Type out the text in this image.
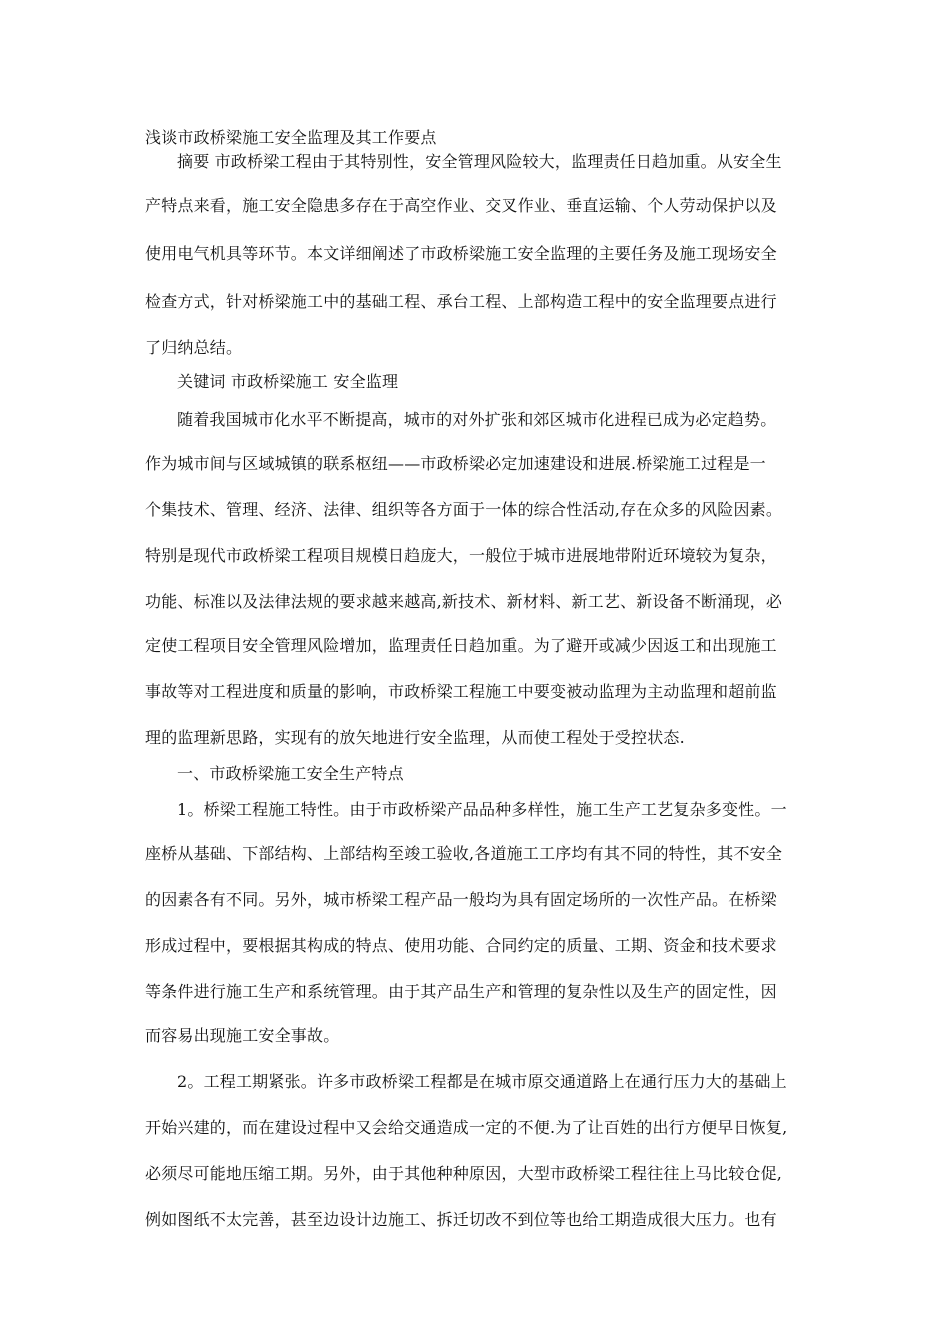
浅谈市政桥梁施工安全监理及其工作要点
摘要 市政桥梁工程由于其特别性，安全管理风险较大，监理责任日趋加重。从安全生
产特点来看，施工安全隐患多存在于高空作业、交叉作业、垂直运输、个人劳动保护以及
使用电气机具等环节。本文详细阐述了市政桥梁施工安全监理的主要任务及施工现场安全
检查方式，针对桥梁施工中的基础工程、承台工程、上部构造工程中的安全监理要点进行
了归纳总结。
关键词 市政桥梁施工 安全监理
随着我国城市化水平不断提高，城市的对外扩张和郊区城市化进程已成为必定趋势。
作为城市间与区域城镇的联系枢纽——市政桥梁必定加速建设和进展.桥梁施工过程是一
个集技术、管理、经济、法律、组织等各方面于一体的综合性活动,存在众多的风险因素。
特别是现代市政桥梁工程项目规模日趋庞大，一般位于城市进展地带附近环境较为复杂，
功能、标准以及法律法规的要求越来越高,新技术、新材料、新工艺、新设备不断涌现，必
定使工程项目安全管理风险增加，监理责任日趋加重。为了避开或减少因返工和出现施工
事故等对工程进度和质量的影响，市政桥梁工程施工中要变被动监理为主动监理和超前监
理的监理新思路，实现有的放矢地进行安全监理，从而使工程处于受控状态.
一、市政桥梁施工安全生产特点
1。桥梁工程施工特性。由于市政桥梁产品品种多样性，施工生产工艺复杂多变性。一
座桥从基础、下部结构、上部结构至竣工验收,各道施工工序均有其不同的特性，其不安全
的因素各有不同。另外，城市桥梁工程产品一般均为具有固定场所的一次性产品。在桥梁
形成过程中，要根据其构成的特点、使用功能、合同约定的质量、工期、资金和技术要求
等条件进行施工生产和系统管理。由于其产品生产和管理的复杂性以及生产的固定性，因
而容易出现施工安全事故。
2。工程工期紧张。许多市政桥梁工程都是在城市原交通道路上在通行压力大的基础上
开始兴建的，而在建设过程中又会给交通造成一定的不便.为了让百姓的出行方便早日恢复,
必须尽可能地压缩工期。另外，由于其他种种原因，大型市政桥梁工程往往上马比较仓促,
例如图纸不太完善，甚至边设计边施工、拆迁切改不到位等也给工期造成很大压力。也有
